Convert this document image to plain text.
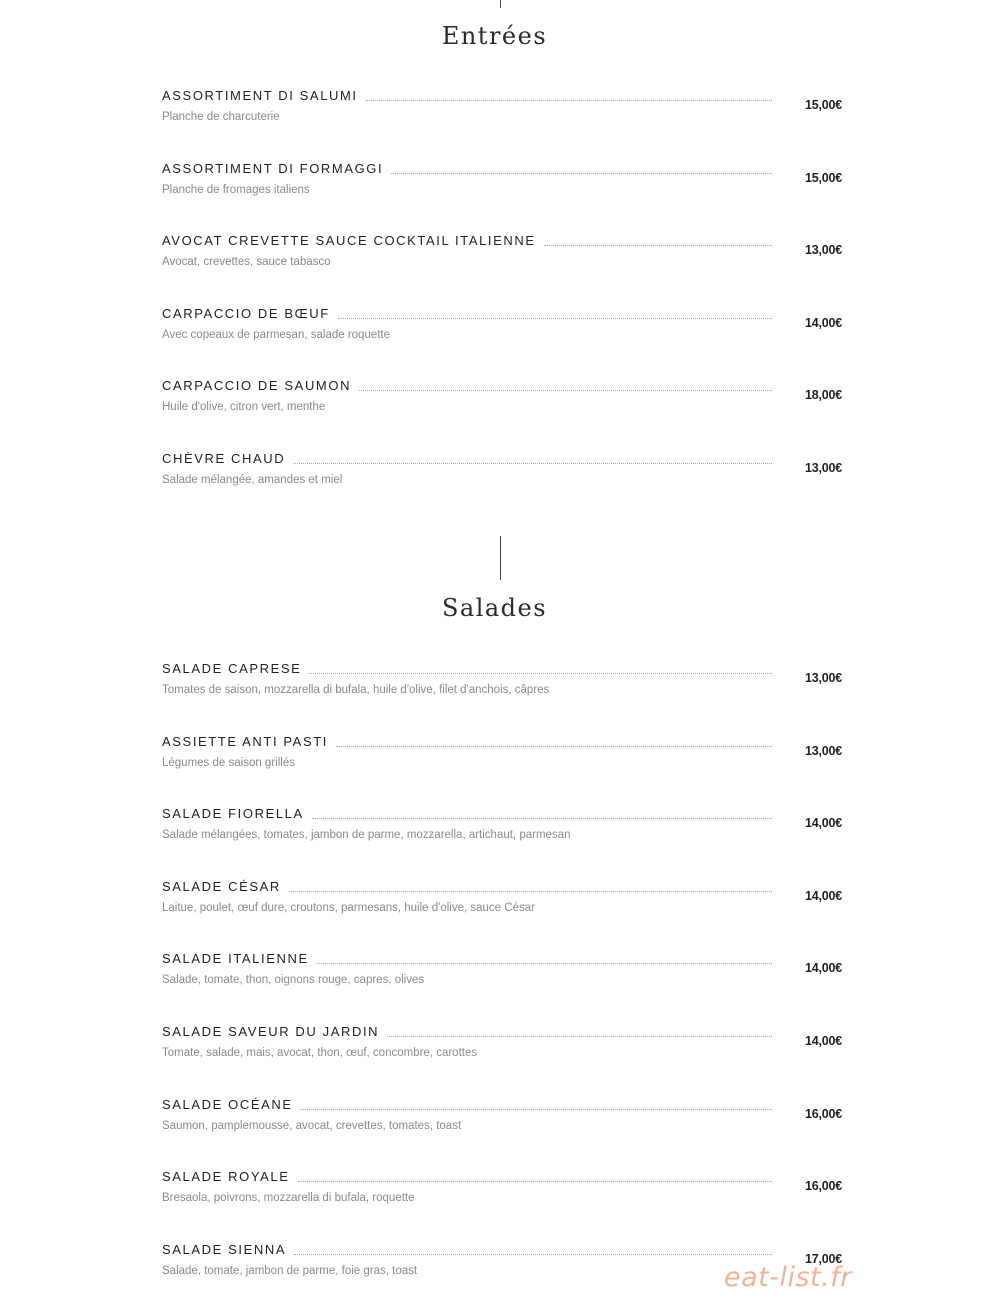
Entrées
ASSORTIMENT DI SALUMI
15,00€
Planche de charcuterie
ASSORTIMENT DI FORMAGGI
15,00€
Planche de fromages italiens
AVOCAT CREVETTE SAUCE COCKTAIL ITALIENNE
13,00€
Avocat, crevettes, sauce tabasco
CARPACCIO DE BŒUF
14,00€
Avec copeaux de parmesan, salade roquette
CARPACCIO DE SAUMON
18,00€
Huile d'olive, citron vert, menthe
CHÈVRE CHAUD
13,00€
Salade mélangée, amandes et miel
Salades
SALADE CAPRESE
13,00€
Tomates de saison, mozzarella di bufala, huile d'olive, filet d'anchois, câpres
ASSIETTE ANTI PASTI
13,00€
Légumes de saison grillés
SALADE FIORELLA
14,00€
Salade mélangées, tomates, jambon de parme, mozzarella, artichaut, parmesan
SALADE CÉSAR
14,00€
Laitue, poulet, œuf dure, croutons, parmesans, huile d'olive, sauce César
SALADE ITALIENNE
14,00€
Salade, tomate, thon, oignons rouge, capres, olives
SALADE SAVEUR DU JARDIN
14,00€
Tomate, salade, mais, avocat, thon, œuf, concombre, carottes
SALADE OCÉANE
16,00€
Saumon, pamplemousse, avocat, crevettes, tomates, toast
SALADE ROYALE
16,00€
Bresaola, poivrons, mozzarella di bufala, roquette
SALADE SIENNA
17,00€
Salade, tomate, jambon de parme, foie gras, toast	eat-list.fr
